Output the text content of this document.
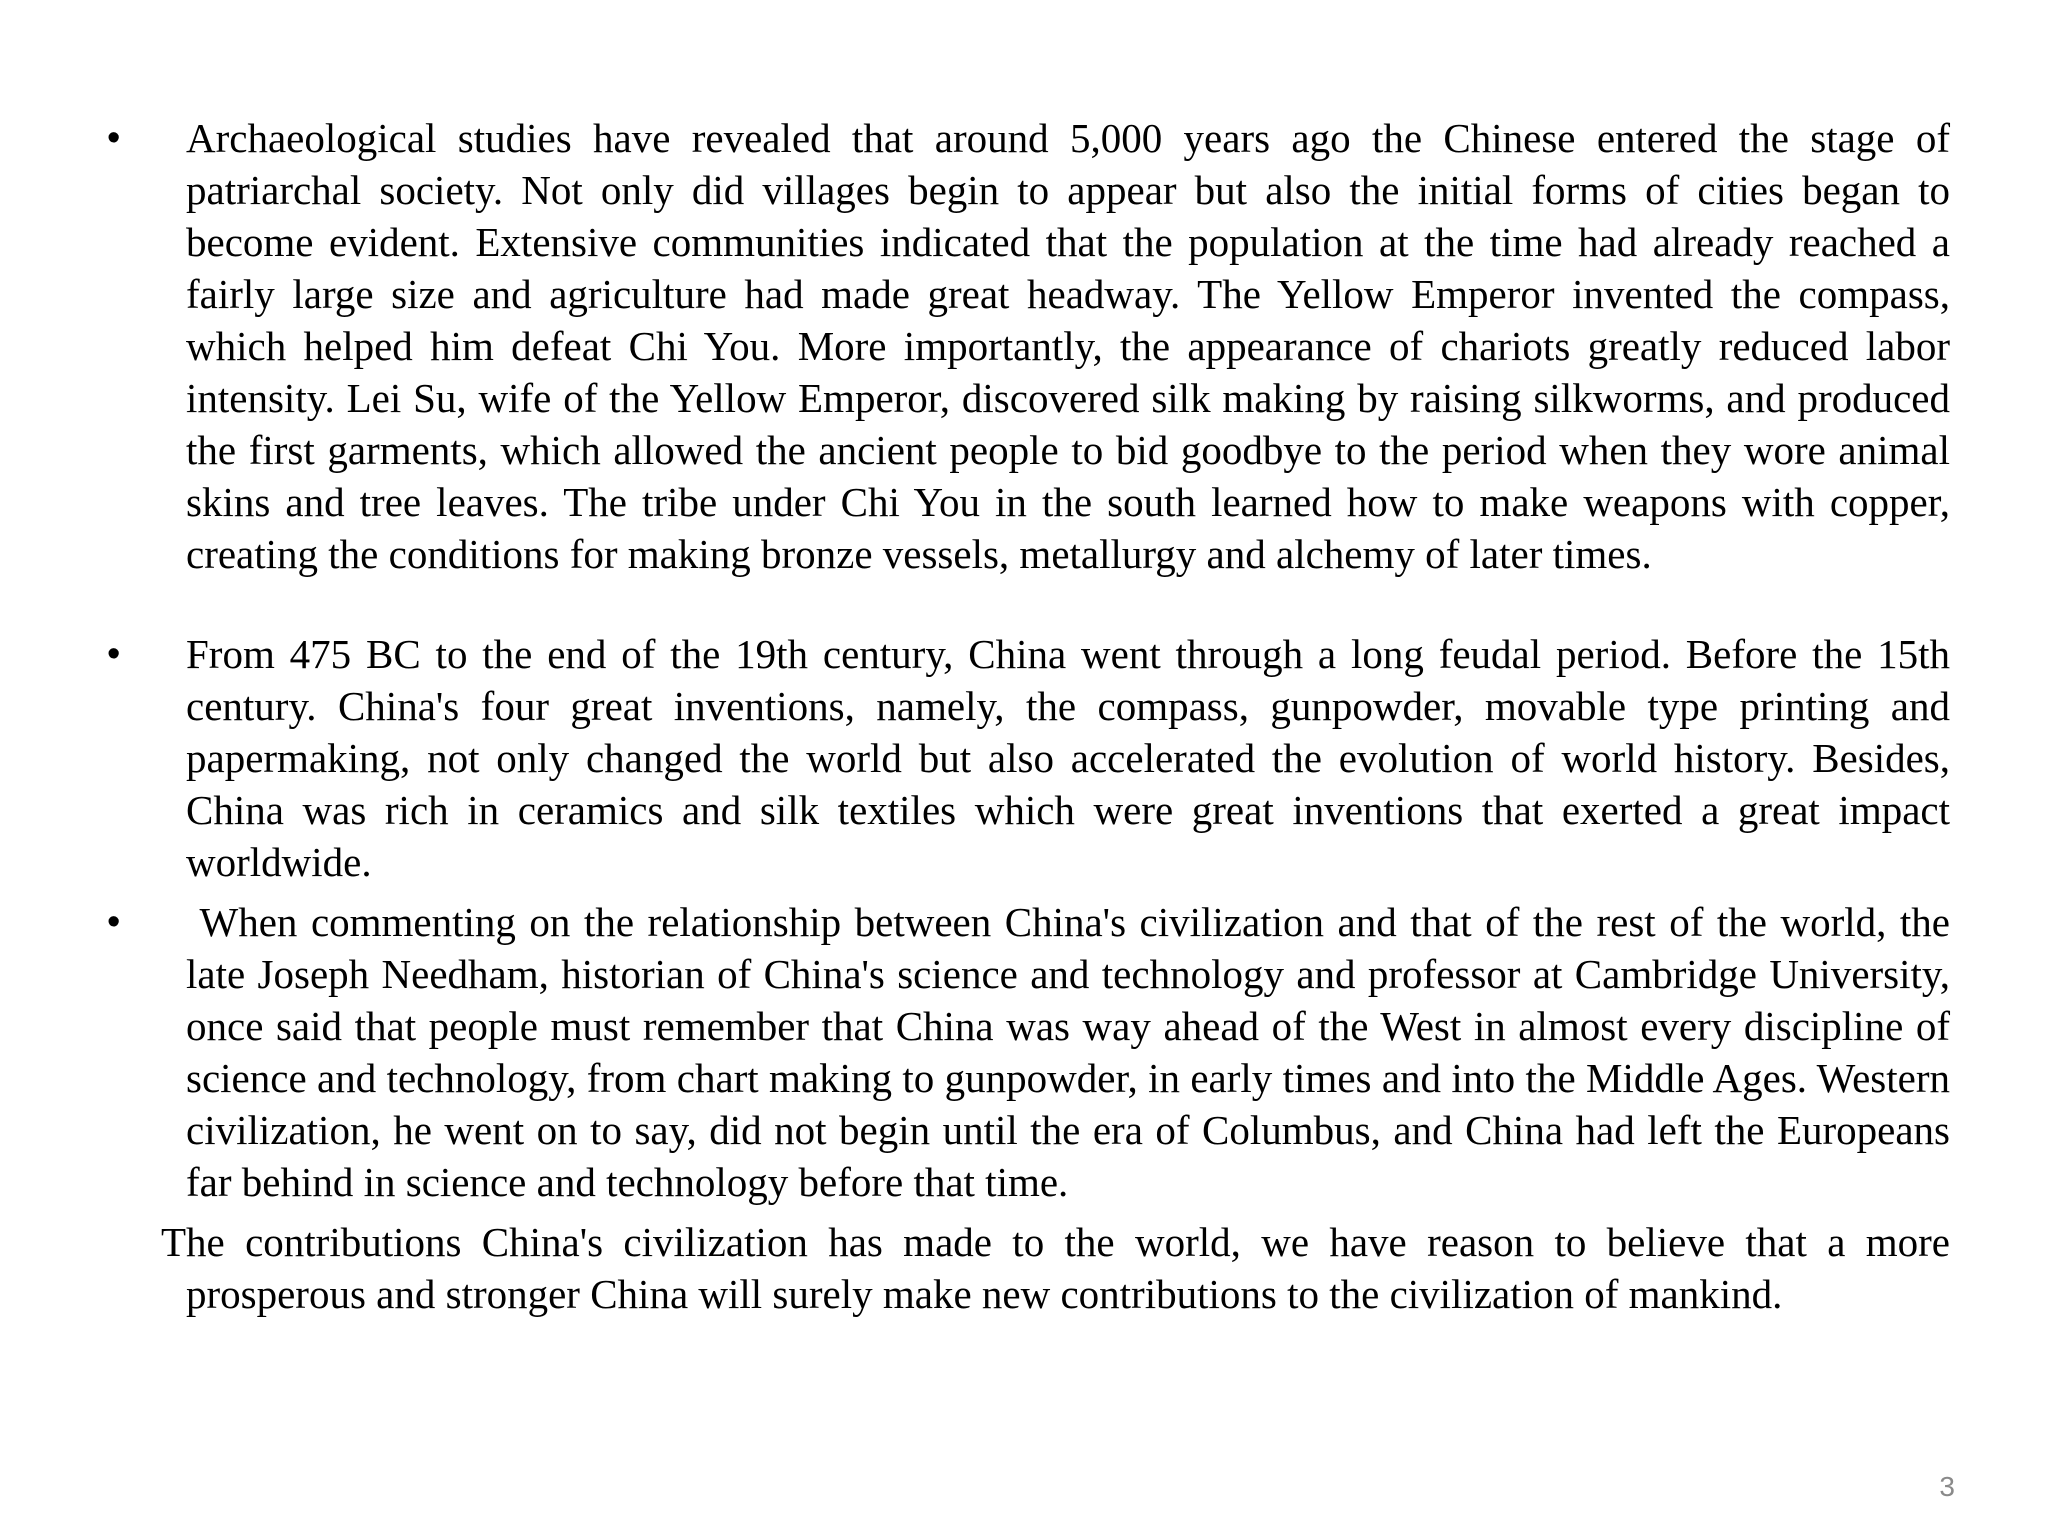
• Archaeological studies have revealed that around 5,000 years ago the Chinese entered the stage of patriarchal society. Not only did villages begin to appear but also the initial forms of cities began to become evident. Extensive communities indicated that the population at the time had already reached a fairly large size and agriculture had made great headway. The Yellow Emperor invented the compass, which helped him defeat Chi You. More importantly, the appearance of chariots greatly reduced labor intensity. Lei Su, wife of the Yellow Emperor, discovered silk making by raising silkworms, and produced the first garments, which allowed the ancient people to bid goodbye to the period when they wore animal skins and tree leaves. The tribe under Chi You in the south learned how to make weapons with copper, creating the conditions for making bronze vessels, metallurgy and alchemy of later times.
• From 475 BC to the end of the 19th century, China went through a long feudal period. Before the 15th century. China's four great inventions, namely, the compass, gunpowder, movable type printing and papermaking, not only changed the world but also accelerated the evolution of world history. Besides, China was rich in ceramics and silk textiles which were great inventions that exerted a great impact worldwide.
• When commenting on the relationship between China's civilization and that of the rest of the world, the late Joseph Needham, historian of China's science and technology and professor at Cambridge University, once said that people must remember that China was way ahead of the West in almost every discipline of science and technology, from chart making to gunpowder, in early times and into the Middle Ages. Western civilization, he went on to say, did not begin until the era of Columbus, and China had left the Europeans far behind in science and technology before that time.
The contributions China's civilization has made to the world, we have reason to believe that a more prosperous and stronger China will surely make new contributions to the civilization of mankind.
3
